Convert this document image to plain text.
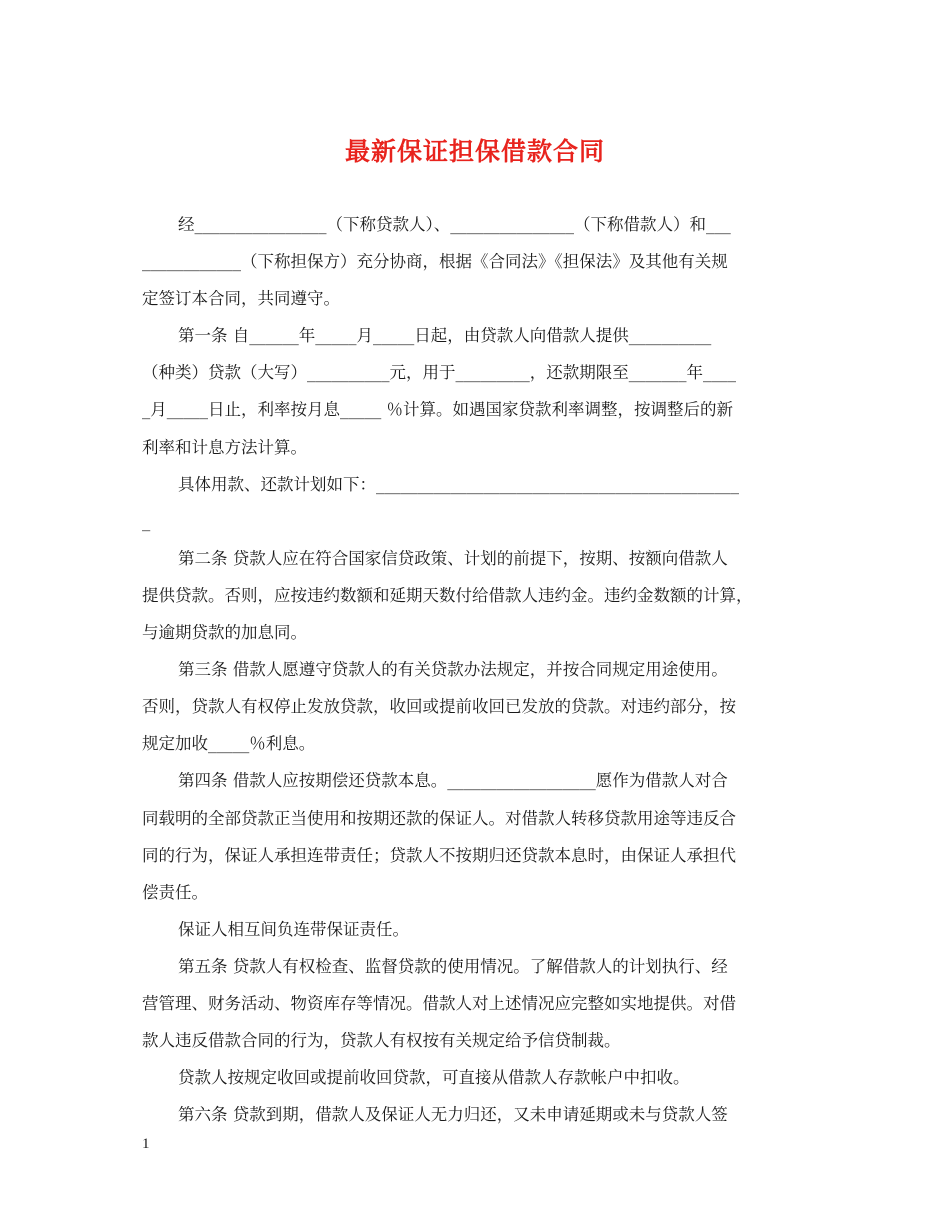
最新保证担保借款合同
经________________（下称贷款人）、_______________（下称借款人）和___
____________（下称担保方）充分协商，根据《合同法》《担保法》及其他有关规
定签订本合同，共同遵守。
第一条 自______年_____月_____日起，由贷款人向借款人提供__________
（种类）贷款（大写）__________元，用于_________，还款期限至_______年____
_月_____日止，利率按月息_____ ％计算。如遇国家贷款利率调整，按调整后的新
利率和计息方法计算。
具体用款、还款计划如下：____________________________________________
_
第二条 贷款人应在符合国家信贷政策、计划的前提下，按期、按额向借款人
提供贷款。否则，应按违约数额和延期天数付给借款人违约金。违约金数额的计算，
与逾期贷款的加息同。
第三条 借款人愿遵守贷款人的有关贷款办法规定，并按合同规定用途使用。
否则，贷款人有权停止发放贷款，收回或提前收回已发放的贷款。对违约部分，按
规定加收_____％利息。
第四条 借款人应按期偿还贷款本息。__________________愿作为借款人对合
同载明的全部贷款正当使用和按期还款的保证人。对借款人转移贷款用途等违反合
同的行为，保证人承担连带责任；贷款人不按期归还贷款本息时，由保证人承担代
偿责任。
保证人相互间负连带保证责任。
第五条 贷款人有权检查、监督贷款的使用情况。了解借款人的计划执行、经
营管理、财务活动、物资库存等情况。借款人对上述情况应完整如实地提供。对借
款人违反借款合同的行为，贷款人有权按有关规定给予信贷制裁。
贷款人按规定收回或提前收回贷款，可直接从借款人存款帐户中扣收。
第六条 贷款到期，借款人及保证人无力归还，又未申请延期或未与贷款人签
1
